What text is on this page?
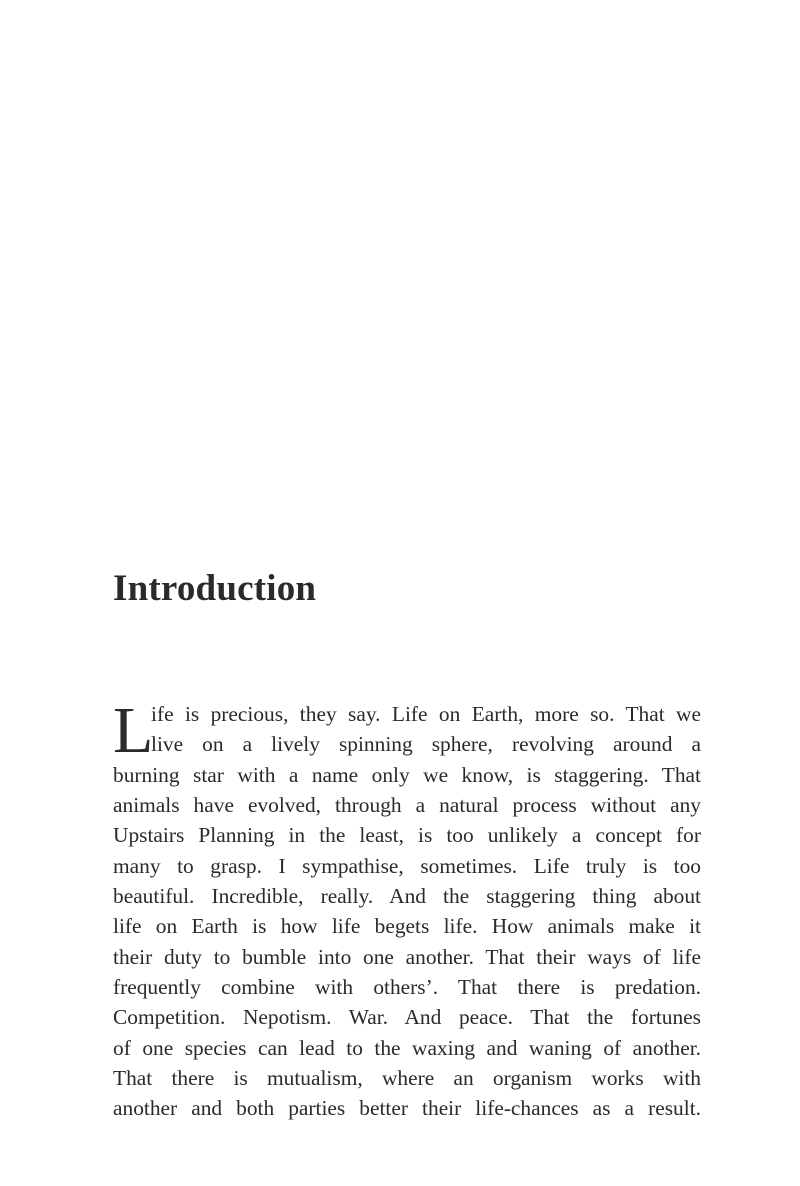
Introduction
L
ife is precious, they say. Life on Earth, more so. That we
live on a lively spinning sphere, revolving around a
burning star with a name only we know, is staggering. That
animals have evolved, through a natural process without any
Upstairs Planning in the least, is too unlikely a concept for
many to grasp. I sympathise, sometimes. Life truly is too
beautiful. Incredible, really. And the staggering thing about
life on Earth is how life begets life. How animals make it
their duty to bumble into one another. That their ways of life
frequently combine with others’. That there is predation.
Competition. Nepotism. War. And peace. That the fortunes
of one species can lead to the waxing and waning of another.
That there is mutualism, where an organism works with
another and both parties better their life-chances as a result.
